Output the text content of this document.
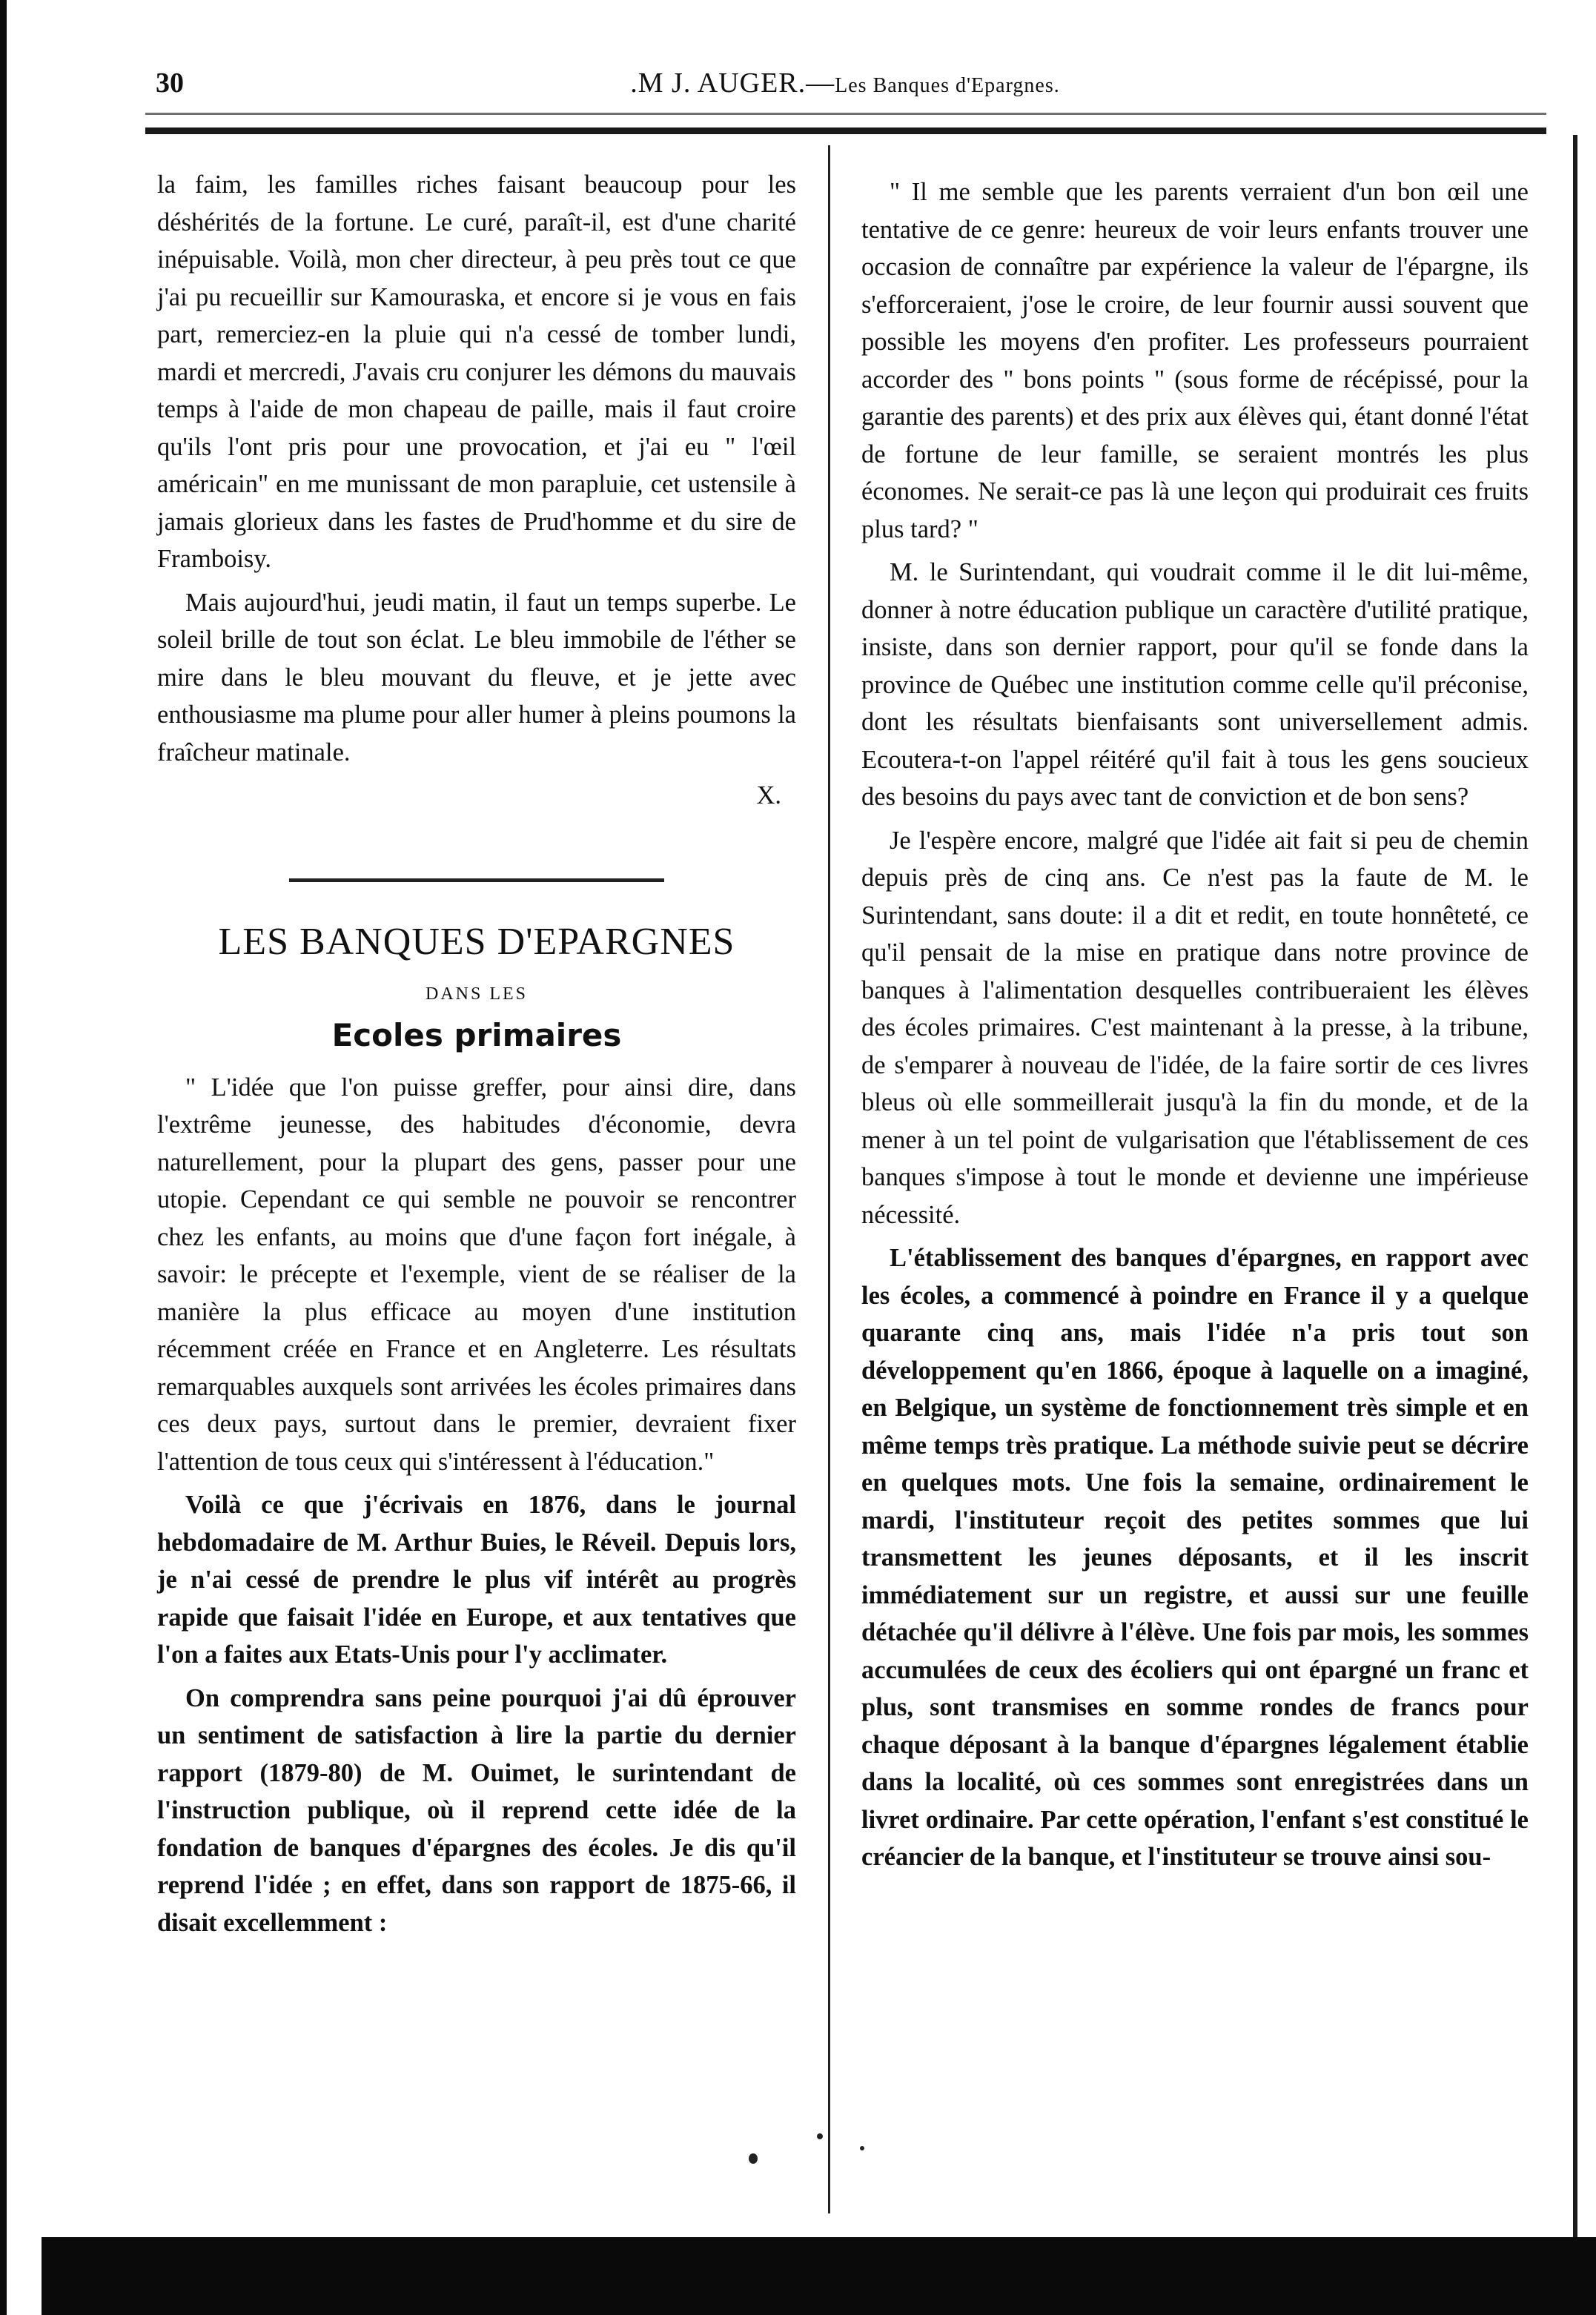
30	.M J. AUGER.—Les Banques d'Epargnes.

la faim, les familles riches faisant beaucoup pour les déshérités de la fortune. Le curé, paraît-il, est d'une charité inépuisable. Voilà, mon cher directeur, à peu près tout ce que j'ai pu recueillir sur Kamouraska, et encore si je vous en fais part, remerciez-en la pluie qui n'a cessé de tomber lundi, mardi et mercredi, J'avais cru conjurer les démons du mauvais temps à l'aide de mon chapeau de paille, mais il faut croire qu'ils l'ont pris pour une provocation, et j'ai eu " l'œil américain" en me munissant de mon parapluie, cet ustensile à jamais glorieux dans les fastes de Prud'homme et du sire de Framboisy.

Mais aujourd'hui, jeudi matin, il faut un temps superbe. Le soleil brille de tout son éclat. Le bleu immobile de l'éther se mire dans le bleu mouvant du fleuve, et je jette avec enthousiasme ma plume pour aller humer à pleins poumons la fraîcheur matinale.

X.

LES BANQUES D'EPARGNES
DANS LES
Ecoles primaires

" L'idée que l'on puisse greffer, pour ainsi dire, dans l'extrême jeunesse, des habitudes d'économie, devra naturellement, pour la plupart des gens, passer pour une utopie. Cependant ce qui semble ne pouvoir se rencontrer chez les enfants, au moins que d'une façon fort inégale, à savoir: le précepte et l'exemple, vient de se réaliser de la manière la plus efficace au moyen d'une institution récemment créée en France et en Angleterre. Les résultats remarquables auxquels sont arrivées les écoles primaires dans ces deux pays, surtout dans le premier, devraient fixer l'attention de tous ceux qui s'intéressent à l'éducation."

Voilà ce que j'écrivais en 1876, dans le journal hebdomadaire de M. Arthur Buies, le Réveil. Depuis lors, je n'ai cessé de prendre le plus vif intérêt au progrès rapide que faisait l'idée en Europe, et aux tentatives que l'on a faites aux Etats-Unis pour l'y acclimater.

On comprendra sans peine pourquoi j'ai dû éprouver un sentiment de satisfaction à lire la partie du dernier rapport (1879-80) de M. Ouimet, le surintendant de l'instruction publique, où il reprend cette idée de la fondation de banques d'épargnes des écoles. Je dis qu'il reprend l'idée ; en effet, dans son rapport de 1875-66, il disait excellemment :

" Il me semble que les parents verraient d'un bon œil une tentative de ce genre: heureux de voir leurs enfants trouver une occasion de connaître par expérience la valeur de l'épargne, ils s'efforceraient, j'ose le croire, de leur fournir aussi souvent que possible les moyens d'en profiter. Les professeurs pourraient accorder des " bons points " (sous forme de récépissé, pour la garantie des parents) et des prix aux élèves qui, étant donné l'état de fortune de leur famille, se seraient montrés les plus économes. Ne serait-ce pas là une leçon qui produirait ces fruits plus tard? "

M. le Surintendant, qui voudrait comme il le dit lui-même, donner à notre éducation publique un caractère d'utilité pratique, insiste, dans son dernier rapport, pour qu'il se fonde dans la province de Québec une institution comme celle qu'il préconise, dont les résultats bienfaisants sont universellement admis. Ecoutera-t-on l'appel réitéré qu'il fait à tous les gens soucieux des besoins du pays avec tant de conviction et de bon sens?

Je l'espère encore, malgré que l'idée ait fait si peu de chemin depuis près de cinq ans. Ce n'est pas la faute de M. le Surintendant, sans doute: il a dit et redit, en toute honnêteté, ce qu'il pensait de la mise en pratique dans notre province de banques à l'alimentation desquelles contribueraient les élèves des écoles primaires. C'est maintenant à la presse, à la tribune, de s'emparer à nouveau de l'idée, de la faire sortir de ces livres bleus où elle sommeillerait jusqu'à la fin du monde, et de la mener à un tel point de vulgarisation que l'établissement de ces banques s'impose à tout le monde et devienne une impérieuse nécessité.

L'établissement des banques d'épargnes, en rapport avec les écoles, a commencé à poindre en France il y a quelque quarante cinq ans, mais l'idée n'a pris tout son développement qu'en 1866, époque à laquelle on a imaginé, en Belgique, un système de fonctionnement très simple et en même temps très pratique. La méthode suivie peut se décrire en quelques mots. Une fois la semaine, ordinairement le mardi, l'instituteur reçoit des petites sommes que lui transmettent les jeunes déposants, et il les inscrit immédiatement sur un registre, et aussi sur une feuille détachée qu'il délivre à l'élève. Une fois par mois, les sommes accumulées de ceux des écoliers qui ont épargné un franc et plus, sont transmises en somme rondes de francs pour chaque déposant à la banque d'épargnes légalement établie dans la localité, où ces sommes sont enregistrées dans un livret ordinaire. Par cette opération, l'enfant s'est constitué le créancier de la banque, et l'instituteur se trouve ainsi sou-
